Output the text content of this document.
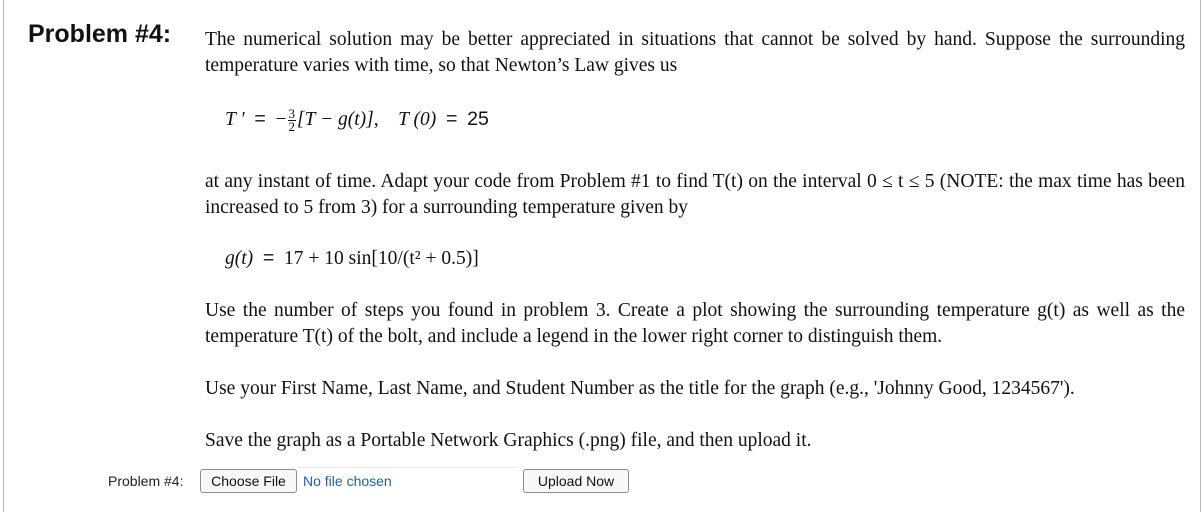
Problem #4: The numerical solution may be better appreciated in situations that cannot be solved by hand. Suppose the surrounding temperature varies with time, so that Newton’s Law gives us
T ′ = − $\frac{3}{2} [T - g(t)]$, T (0) = 25
at any instant of time. Adapt your code from Problem #1 to find T(t) on the interval 0 ≤ t ≤ 5 (NOTE: the max time has been increased to 5 from 3) for a surrounding temperature given by
g(t) = 17 + 10 sin[10/(t² + 0.5)]
Use the number of steps you found in problem 3. Create a plot showing the surrounding temperature g(t) as well as the temperature T(t) of the bolt, and include a legend in the lower right corner to distinguish them.
Use your First Name, Last Name, and Student Number as the title for the graph (e.g., 'Johnny Good, 1234567').
Save the graph as a Portable Network Graphics (.png) file, and then upload it.
Problem #4:	Choose File	No file chosen	Upload Now
